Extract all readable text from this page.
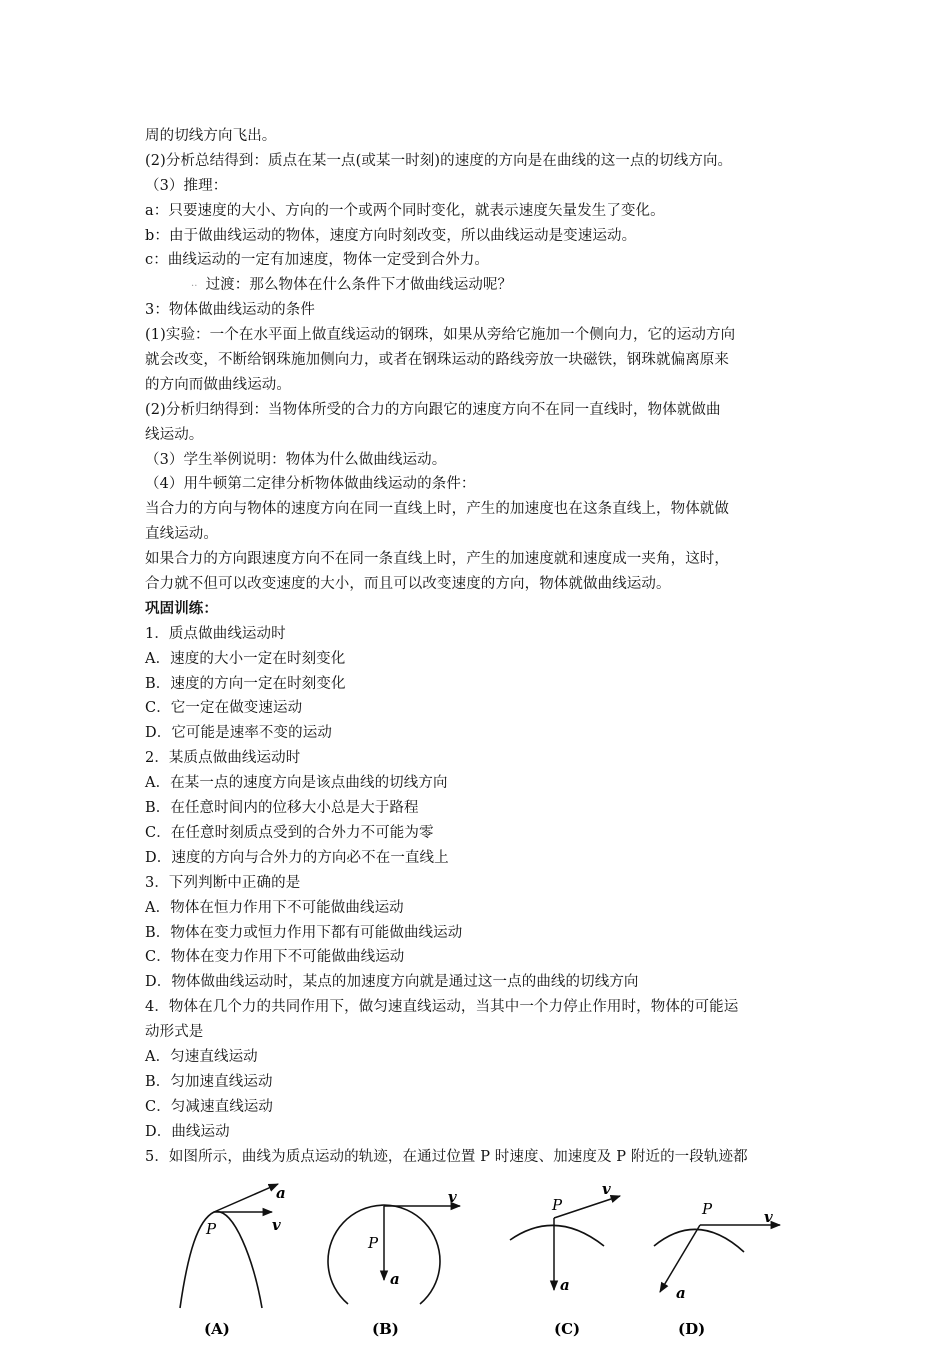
周的切线方向飞出。
(2)分析总结得到：质点在某一点(或某一时刻)的速度的方向是在曲线的这一点的切线方向。
（3）推理：
a：只要速度的大小、方向的一个或两个同时变化，就表示速度矢量发生了变化。
b：由于做曲线运动的物体，速度方向时刻改变，所以曲线运动是变速运动。
c：曲线运动的一定有加速度，物体一定受到合外力。
·· 过渡：那么物体在什么条件下才做曲线运动呢？
3：物体做曲线运动的条件
(1)实验：一个在水平面上做直线运动的钢珠，如果从旁给它施加一个侧向力，它的运动方向
就会改变，不断给钢珠施加侧向力，或者在钢珠运动的路线旁放一块磁铁，钢珠就偏离原来
的方向而做曲线运动。
(2)分析归纳得到：当物体所受的合力的方向跟它的速度方向不在同一直线时，物体就做曲
线运动。
（3）学生举例说明：物体为什么做曲线运动。
（4）用牛顿第二定律分析物体做曲线运动的条件：
当合力的方向与物体的速度方向在同一直线上时，产生的加速度也在这条直线上，物体就做
直线运动。
如果合力的方向跟速度方向不在同一条直线上时，产生的加速度就和速度成一夹角，这时，
合力就不但可以改变速度的大小，而且可以改变速度的方向，物体就做曲线运动。
巩固训练：
1．质点做曲线运动时
A．速度的大小一定在时刻变化
B．速度的方向一定在时刻变化
C．它一定在做变速运动
D．它可能是速率不变的运动
2．某质点做曲线运动时
A．在某一点的速度方向是该点曲线的切线方向
B．在任意时间内的位移大小总是大于路程
C．在任意时刻质点受到的合外力不可能为零
D．速度的方向与合外力的方向必不在一直线上
3．下列判断中正确的是
A．物体在恒力作用下不可能做曲线运动
B．物体在变力或恒力作用下都有可能做曲线运动
C．物体在变力作用下不可能做曲线运动
D．物体做曲线运动时，某点的加速度方向就是通过这一点的曲线的切线方向
4．物体在几个力的共同作用下，做匀速直线运动，当其中一个力停止作用时，物体的可能运
动形式是
A．匀速直线运动
B．匀加速直线运动
C．匀减速直线运动
D．曲线运动
5．如图所示，曲线为质点运动的轨迹，在通过位置 P 时速度、加速度及 P 附近的一段轨迹都
P
a
v
(A)
P
a
v
(B)
P
a
v
(C)
P
a
v
(D)
